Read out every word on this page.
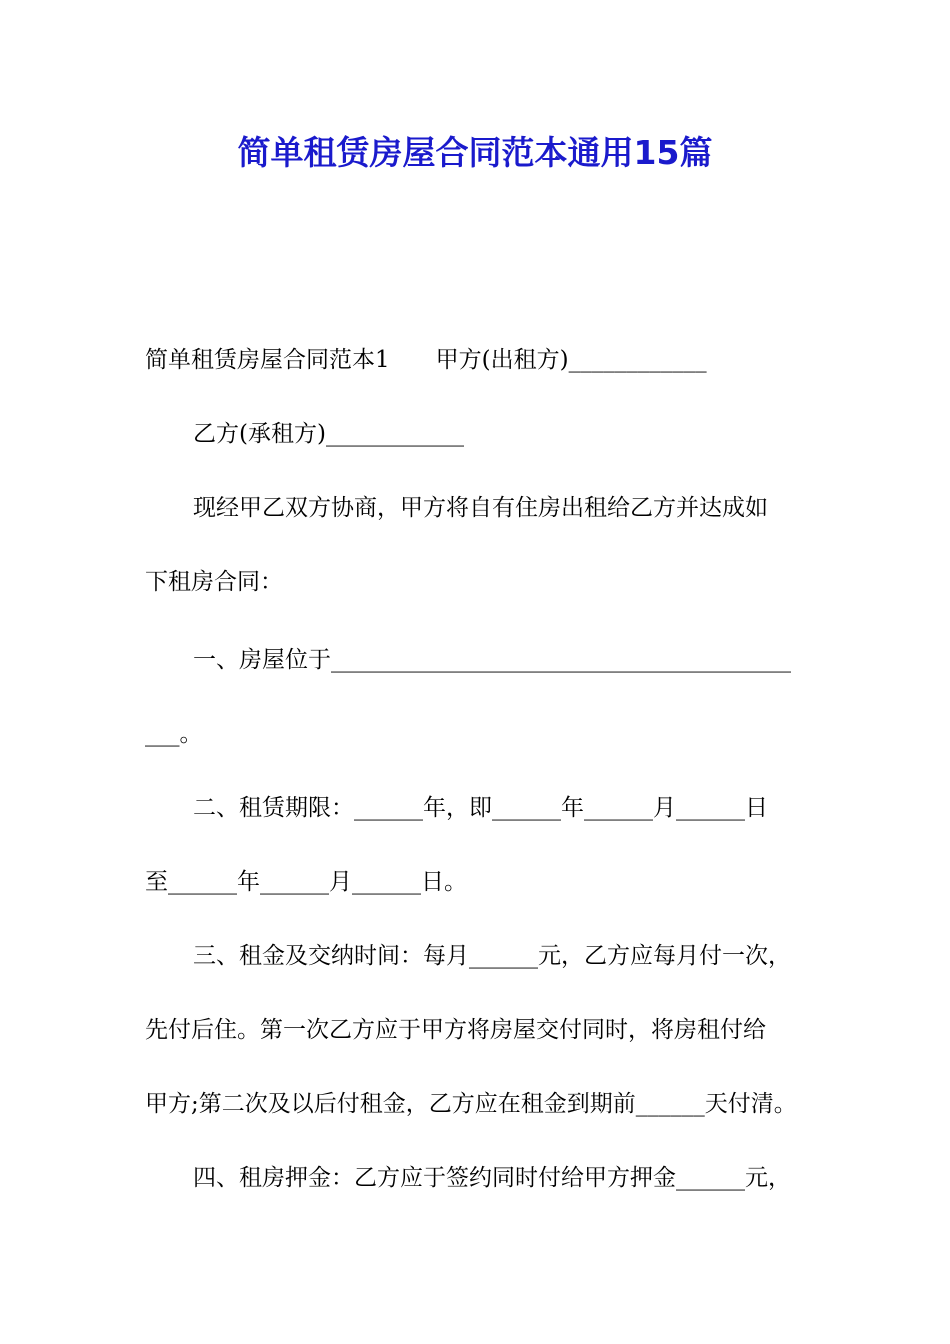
简单租赁房屋合同范本通用15篇
简单租赁房屋合同范本1 甲方(出租方)____________
乙方(承租方)____________
现经甲乙双方协商，甲方将自有住房出租给乙方并达成如
下租房合同：
一、房屋位于________________________________________
___。
二、租赁期限：______年，即______年______月______日
至______年______月______日。
三、租金及交纳时间：每月______元，乙方应每月付一次，
先付后住。第一次乙方应于甲方将房屋交付同时，将房租付给
甲方;第二次及以后付租金，乙方应在租金到期前______天付清。
四、租房押金：乙方应于签约同时付给甲方押金______元，
